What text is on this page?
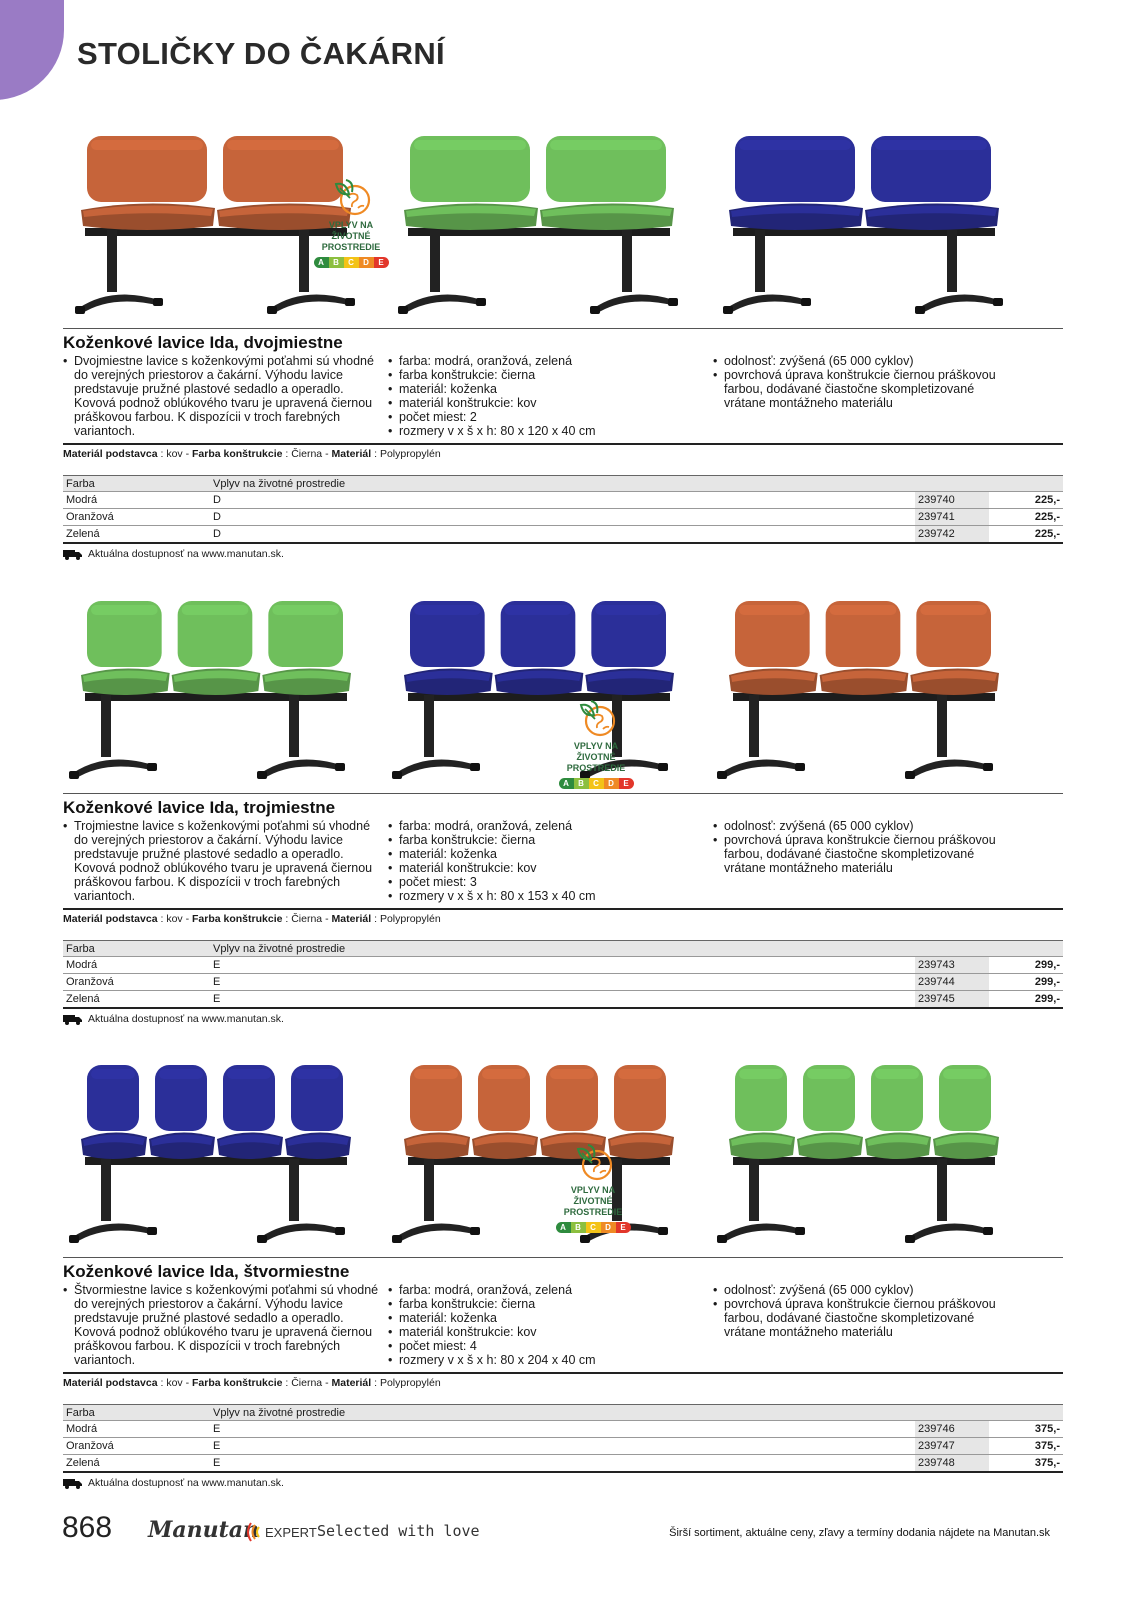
STOLIČKY DO ČAKÁRNÍ
VPLYV NA
ŽIVOTNÉ PROSTREDIE
A	B	C	D	E
Koženkové lavice Ida, dvojmiestne
• Dvojmiestne lavice s koženkovými poťahmi sú vhodné do verejných priestorov a čakární. Výhodu lavice predstavuje pružné plastové sedadlo a operadlo. Kovová podnož oblúkového tvaru je upravená čiernou práškovou farbou. K dispozícii v troch farebných variantoch.
• farba: modrá, oranžová, zelená
• farba konštrukcie: čierna
• materiál: koženka
• materiál konštrukcie: kov
• počet miest: 2
• rozmery v x š x h: 80 x 120 x 40 cm
• odolnosť: zvýšená (65 000 cyklov)
• povrchová úprava konštrukcie čiernou práškovou farbou, dodávané čiastočne skompletizované vrátane montážneho materiálu
Materiál podstavca : kov - Farba konštrukcie : Čierna - Materiál : Polypropylén
Farba	Vplyv na životné prostredie		
Modrá	D	239740	225,-
Oranžová	D	239741	225,-
Zelená	D	239742	225,-
Aktuálna dostupnosť na www.manutan.sk.
VPLYV NA
ŽIVOTNÉ PROSTREDIE
A	B	C	D	E
Koženkové lavice Ida, trojmiestne
• Trojmiestne lavice s koženkovými poťahmi sú vhodné do verejných priestorov a čakární. Výhodu lavice predstavuje pružné plastové sedadlo a operadlo. Kovová podnož oblúkového tvaru je upravená čiernou práškovou farbou. K dispozícii v troch farebných variantoch.
• farba: modrá, oranžová, zelená
• farba konštrukcie: čierna
• materiál: koženka
• materiál konštrukcie: kov
• počet miest: 3
• rozmery v x š x h: 80 x 153 x 40 cm
• odolnosť: zvýšená (65 000 cyklov)
• povrchová úprava konštrukcie čiernou práškovou farbou, dodávané čiastočne skompletizované vrátane montážneho materiálu
Materiál podstavca : kov - Farba konštrukcie : Čierna - Materiál : Polypropylén
Farba	Vplyv na životné prostredie		
Modrá	E	239743	299,-
Oranžová	E	239744	299,-
Zelená	E	239745	299,-
Aktuálna dostupnosť na www.manutan.sk.
VPLYV NA
ŽIVOTNÉ PROSTREDIE
A	B	C	D	E
Koženkové lavice Ida, štvormiestne
• Štvormiestne lavice s koženkovými poťahmi sú vhodné do verejných priestorov a čakární. Výhodu lavice predstavuje pružné plastové sedadlo a operadlo. Kovová podnož oblúkového tvaru je upravená čiernou práškovou farbou. K dispozícii v troch farebných variantoch.
• farba: modrá, oranžová, zelená
• farba konštrukcie: čierna
• materiál: koženka
• materiál konštrukcie: kov
• počet miest: 4
• rozmery v x š x h: 80 x 204 x 40 cm
• odolnosť: zvýšená (65 000 cyklov)
• povrchová úprava konštrukcie čiernou práškovou farbou, dodávané čiastočne skompletizované vrátane montážneho materiálu
Materiál podstavca : kov - Farba konštrukcie : Čierna - Materiál : Polypropylén
Farba	Vplyv na životné prostredie		
Modrá	E	239746	375,-
Oranžová	E	239747	375,-
Zelená	E	239748	375,-
Aktuálna dostupnosť na www.manutan.sk.
868 Manutan EXPERT Selected with love	Širší sortiment, aktuálne ceny, zľavy a termíny dodania nájdete na Manutan.sk
